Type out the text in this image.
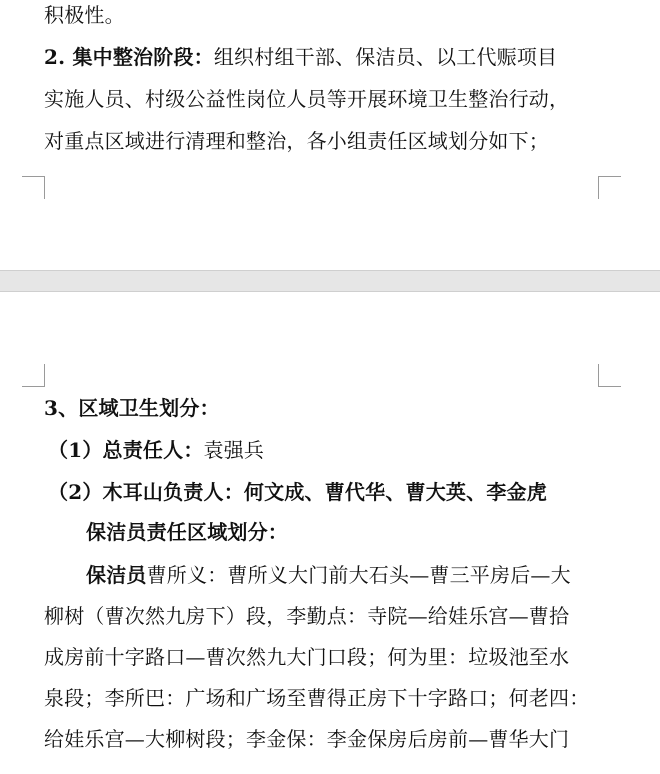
积极性。
2. 集中整治阶段：组织村组干部、保洁员、以工代赈项目
实施人员、村级公益性岗位人员等开展环境卫生整治行动，
对重点区域进行清理和整治，各小组责任区域划分如下；
3、区域卫生划分：
（1）总责任人：袁强兵
（2）木耳山负责人：何文成、曹代华、曹大英、李金虎
保洁员责任区域划分：
保洁员曹所义：曹所义大门前大石头—曹三平房后—大
柳树（曹次然九房下）段，李勤点：寺院—给娃乐宫—曹拾
成房前十字路口—曹次然九大门口段；何为里：垃圾池至水
泉段；李所巴：广场和广场至曹得正房下十字路口；何老四：
给娃乐宫—大柳树段；李金保：李金保房后房前—曹华大门
